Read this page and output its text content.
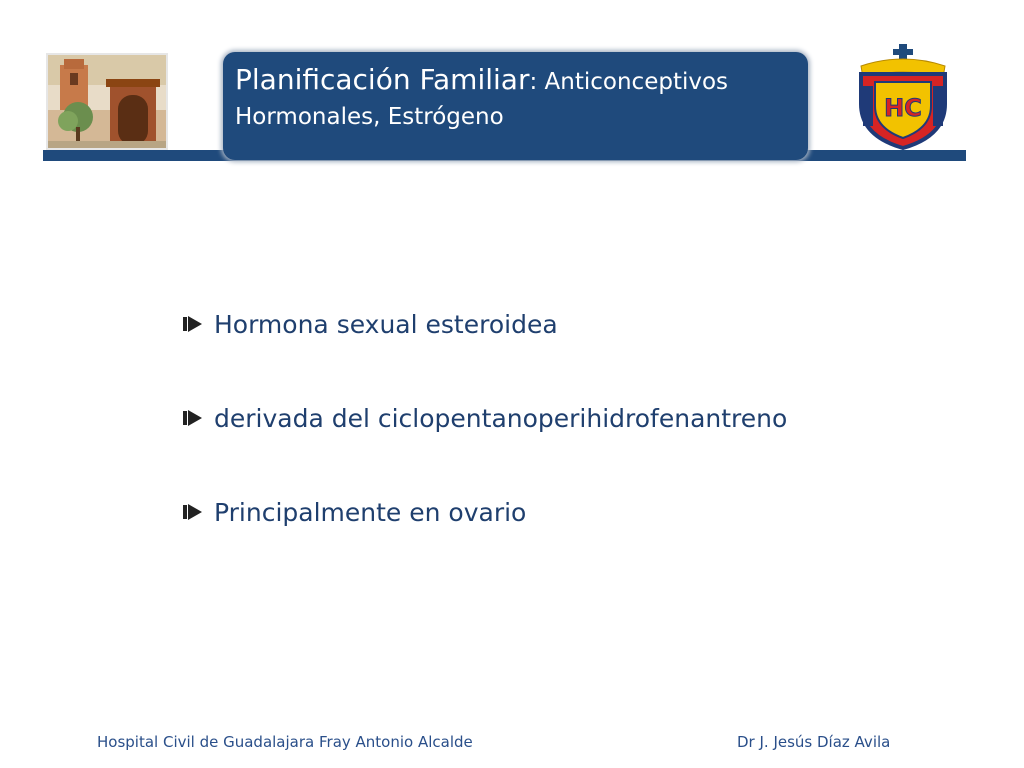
Planificación Familiar: Anticonceptivos
Hormonales, Estrógeno	HC
Hormona sexual esteroidea
derivada del ciclopentanoperihidrofenantreno
Principalmente en ovario
Hospital Civil de Guadalajara Fray Antonio Alcalde	Dr J. Jesús Díaz Avila
